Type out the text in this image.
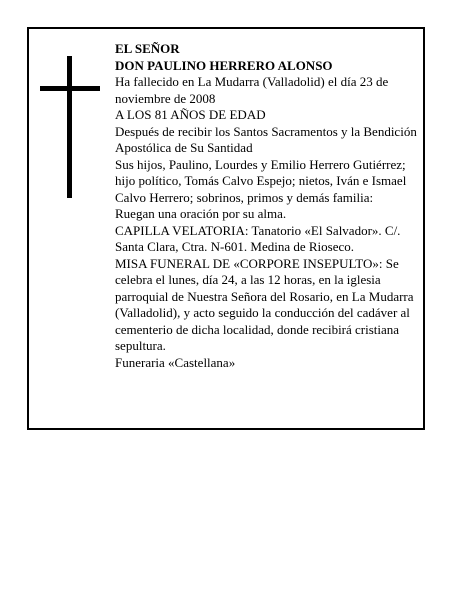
EL SEÑOR

DON PAULINO HERRERO ALONSO

Ha fallecido en La Mudarra (Valladolid) el día 23 de noviembre de 2008

A LOS 81 AÑOS DE EDAD

Después de recibir los Santos Sacramentos y la Bendición Apostólica de Su Santidad

Sus hijos, Paulino, Lourdes y Emilio Herrero Gutiérrez; hijo político, Tomás Calvo Espejo; nietos, Iván e Ismael Calvo Herrero; sobrinos, primos y demás familia:

Ruegan una oración por su alma.

CAPILLA VELATORIA: Tanatorio «El Salvador». C/. Santa Clara, Ctra. N-601. Medina de Rioseco.

MISA FUNERAL DE «CORPORE INSEPULTO»: Se celebra el lunes, día 24, a las 12 horas, en la iglesia parroquial de Nuestra Señora del Rosario, en La Mudarra (Valladolid), y acto seguido la conducción del cadáver al cementerio de dicha localidad, donde recibirá cristiana sepultura.

Funeraria «Castellana»
